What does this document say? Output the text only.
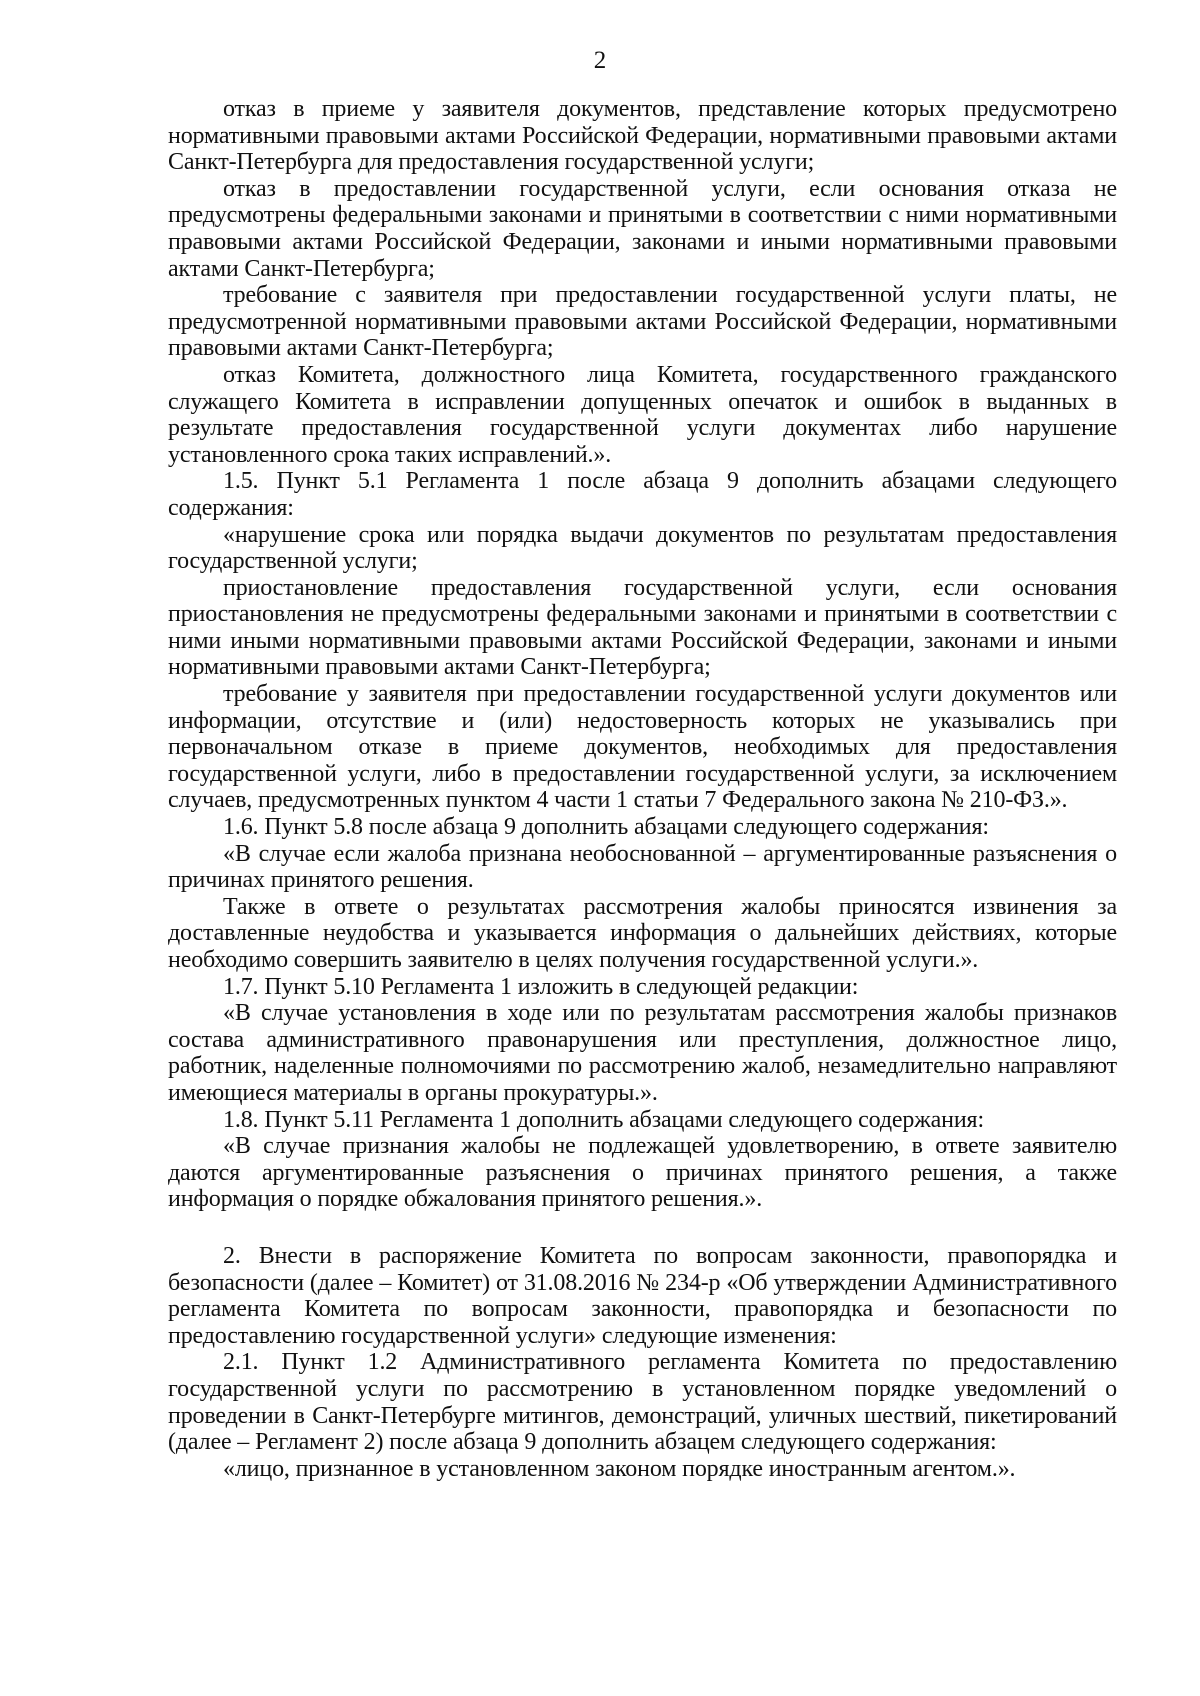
2

отказ в приеме у заявителя документов, представление которых предусмотрено нормативными правовыми актами Российской Федерации, нормативными правовыми актами Санкт-Петербурга для предоставления государственной услуги;

отказ в предоставлении государственной услуги, если основания отказа не предусмотрены федеральными законами и принятыми в соответствии с ними нормативными правовыми актами Российской Федерации, законами и иными нормативными правовыми актами Санкт-Петербурга;

требование с заявителя при предоставлении государственной услуги платы, не предусмотренной нормативными правовыми актами Российской Федерации, нормативными правовыми актами Санкт-Петербурга;

отказ Комитета, должностного лица Комитета, государственного гражданского служащего Комитета в исправлении допущенных опечаток и ошибок в выданных в результате предоставления государственной услуги документах либо нарушение установленного срока таких исправлений.».

1.5. Пункт 5.1 Регламента 1 после абзаца 9 дополнить абзацами следующего содержания:

«нарушение срока или порядка выдачи документов по результатам предоставления государственной услуги;

приостановление предоставления государственной услуги, если основания приостановления не предусмотрены федеральными законами и принятыми в соответствии с ними иными нормативными правовыми актами Российской Федерации, законами и иными нормативными правовыми актами Санкт-Петербурга;

требование у заявителя при предоставлении государственной услуги документов или информации, отсутствие и (или) недостоверность которых не указывались при первоначальном отказе в приеме документов, необходимых для предоставления государственной услуги, либо в предоставлении государственной услуги, за исключением случаев, предусмотренных пунктом 4 части 1 статьи 7 Федерального закона № 210-ФЗ.».

1.6. Пункт 5.8 после абзаца 9 дополнить абзацами следующего содержания:

«В случае если жалоба признана необоснованной – аргументированные разъяснения о причинах принятого решения.

Также в ответе о результатах рассмотрения жалобы приносятся извинения за доставленные неудобства и указывается информация о дальнейших действиях, которые необходимо совершить заявителю в целях получения государственной услуги.».

1.7. Пункт 5.10 Регламента 1 изложить в следующей редакции:

«В случае установления в ходе или по результатам рассмотрения жалобы признаков состава административного правонарушения или преступления, должностное лицо, работник, наделенные полномочиями по рассмотрению жалоб, незамедлительно направляют имеющиеся материалы в органы прокуратуры.».

1.8. Пункт 5.11 Регламента 1 дополнить абзацами следующего содержания:

«В случае признания жалобы не подлежащей удовлетворению, в ответе заявителю даются аргументированные разъяснения о причинах принятого решения, а также информация о порядке обжалования принятого решения.».

2. Внести в распоряжение Комитета по вопросам законности, правопорядка и безопасности (далее – Комитет) от 31.08.2016 № 234-р «Об утверждении Административного регламента Комитета по вопросам законности, правопорядка и безопасности по предоставлению государственной услуги» следующие изменения:

2.1. Пункт 1.2 Административного регламента Комитета по предоставлению государственной услуги по рассмотрению в установленном порядке уведомлений о проведении в Санкт-Петербурге митингов, демонстраций, уличных шествий, пикетирований (далее – Регламент 2) после абзаца 9 дополнить абзацем следующего содержания:

«лицо, признанное в установленном законом порядке иностранным агентом.».
